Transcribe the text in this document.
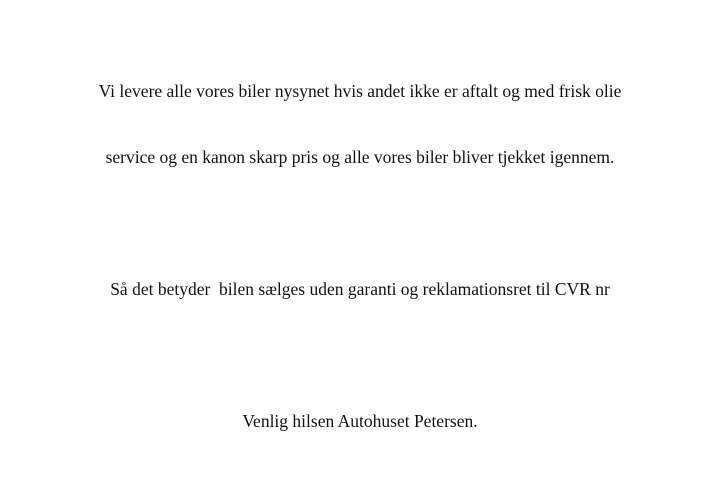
Vi levere alle vores biler nysynet hvis andet ikke er aftalt og med frisk olie

service og en kanon skarp pris og alle vores biler bliver tjekket igennem.

Så det betyder  bilen sælges uden garanti og reklamationsret til CVR nr

Venlig hilsen Autohuset Petersen.
